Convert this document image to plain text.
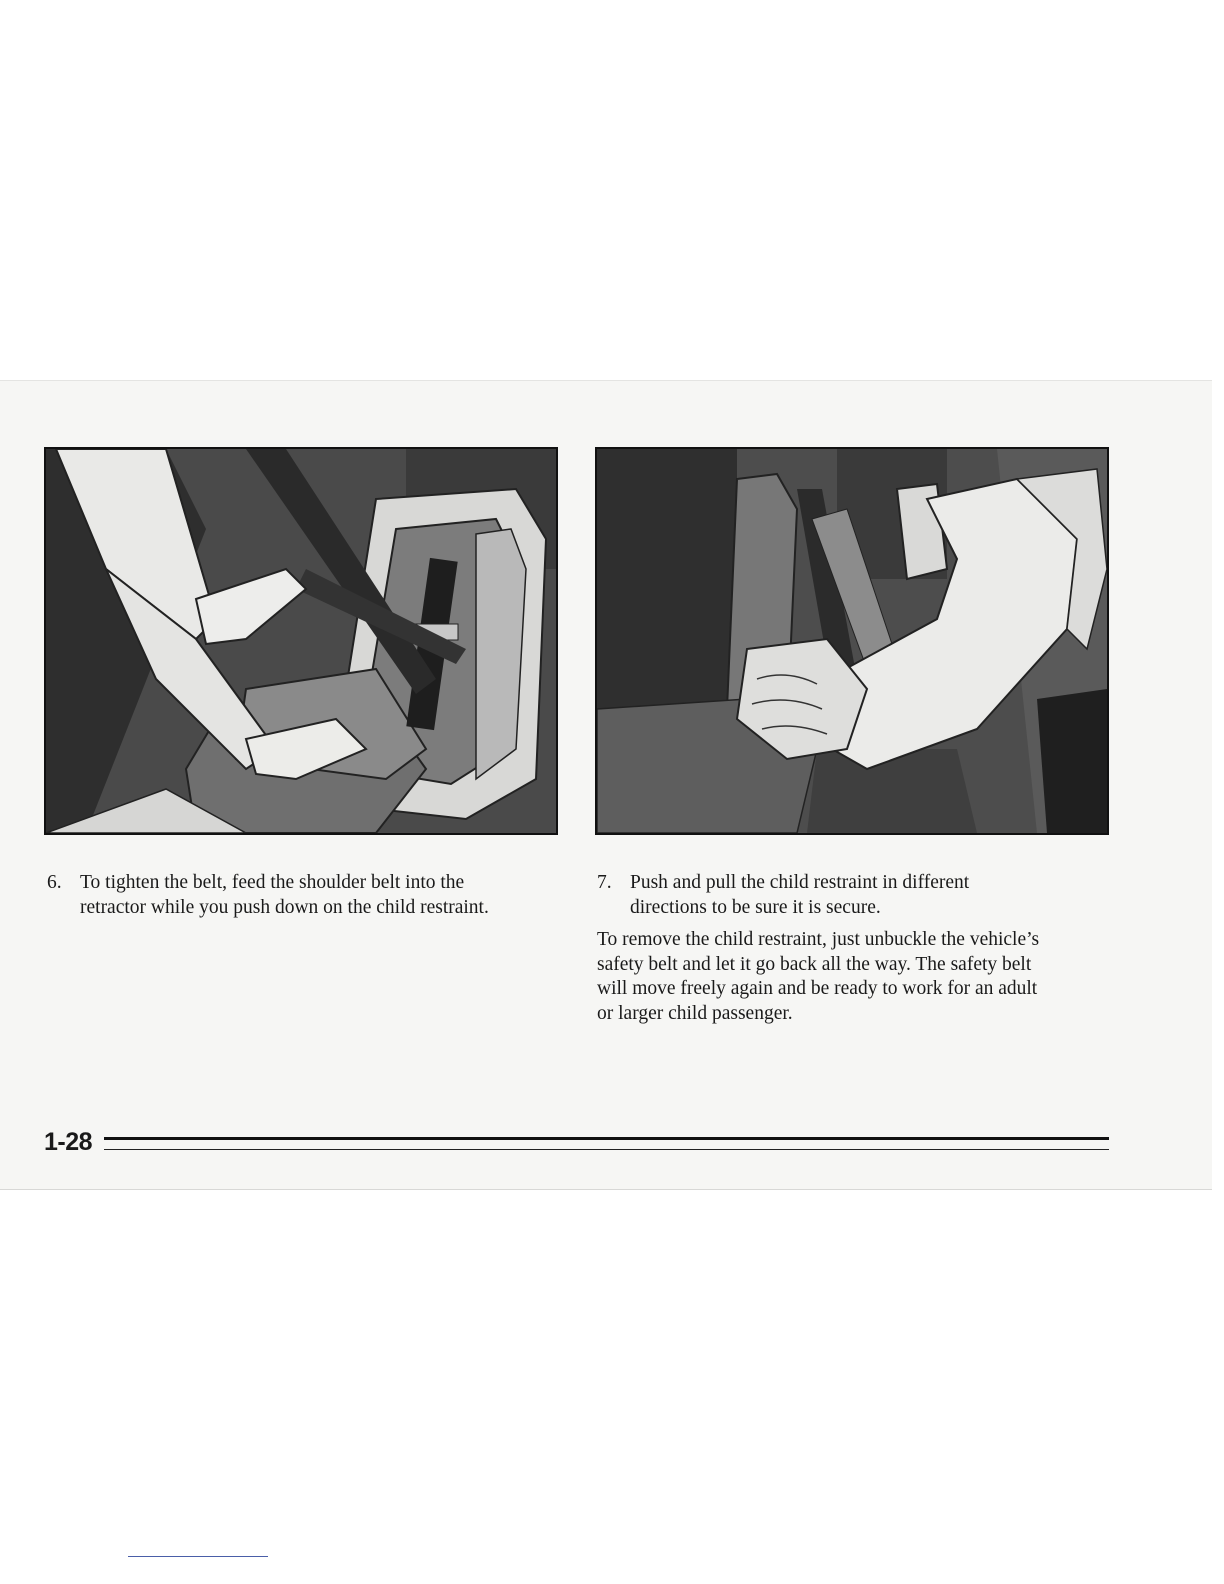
6. To tighten the belt, feed the shoulder belt into the
retractor while you push down on the child restraint.
7. Push and pull the child restraint in different
directions to be sure it is secure.
To remove the child restraint, just unbuckle the vehicle’s
safety belt and let it go back all the way. The safety belt
will move freely again and be ready to work for an adult
or larger child passenger.
1-28
